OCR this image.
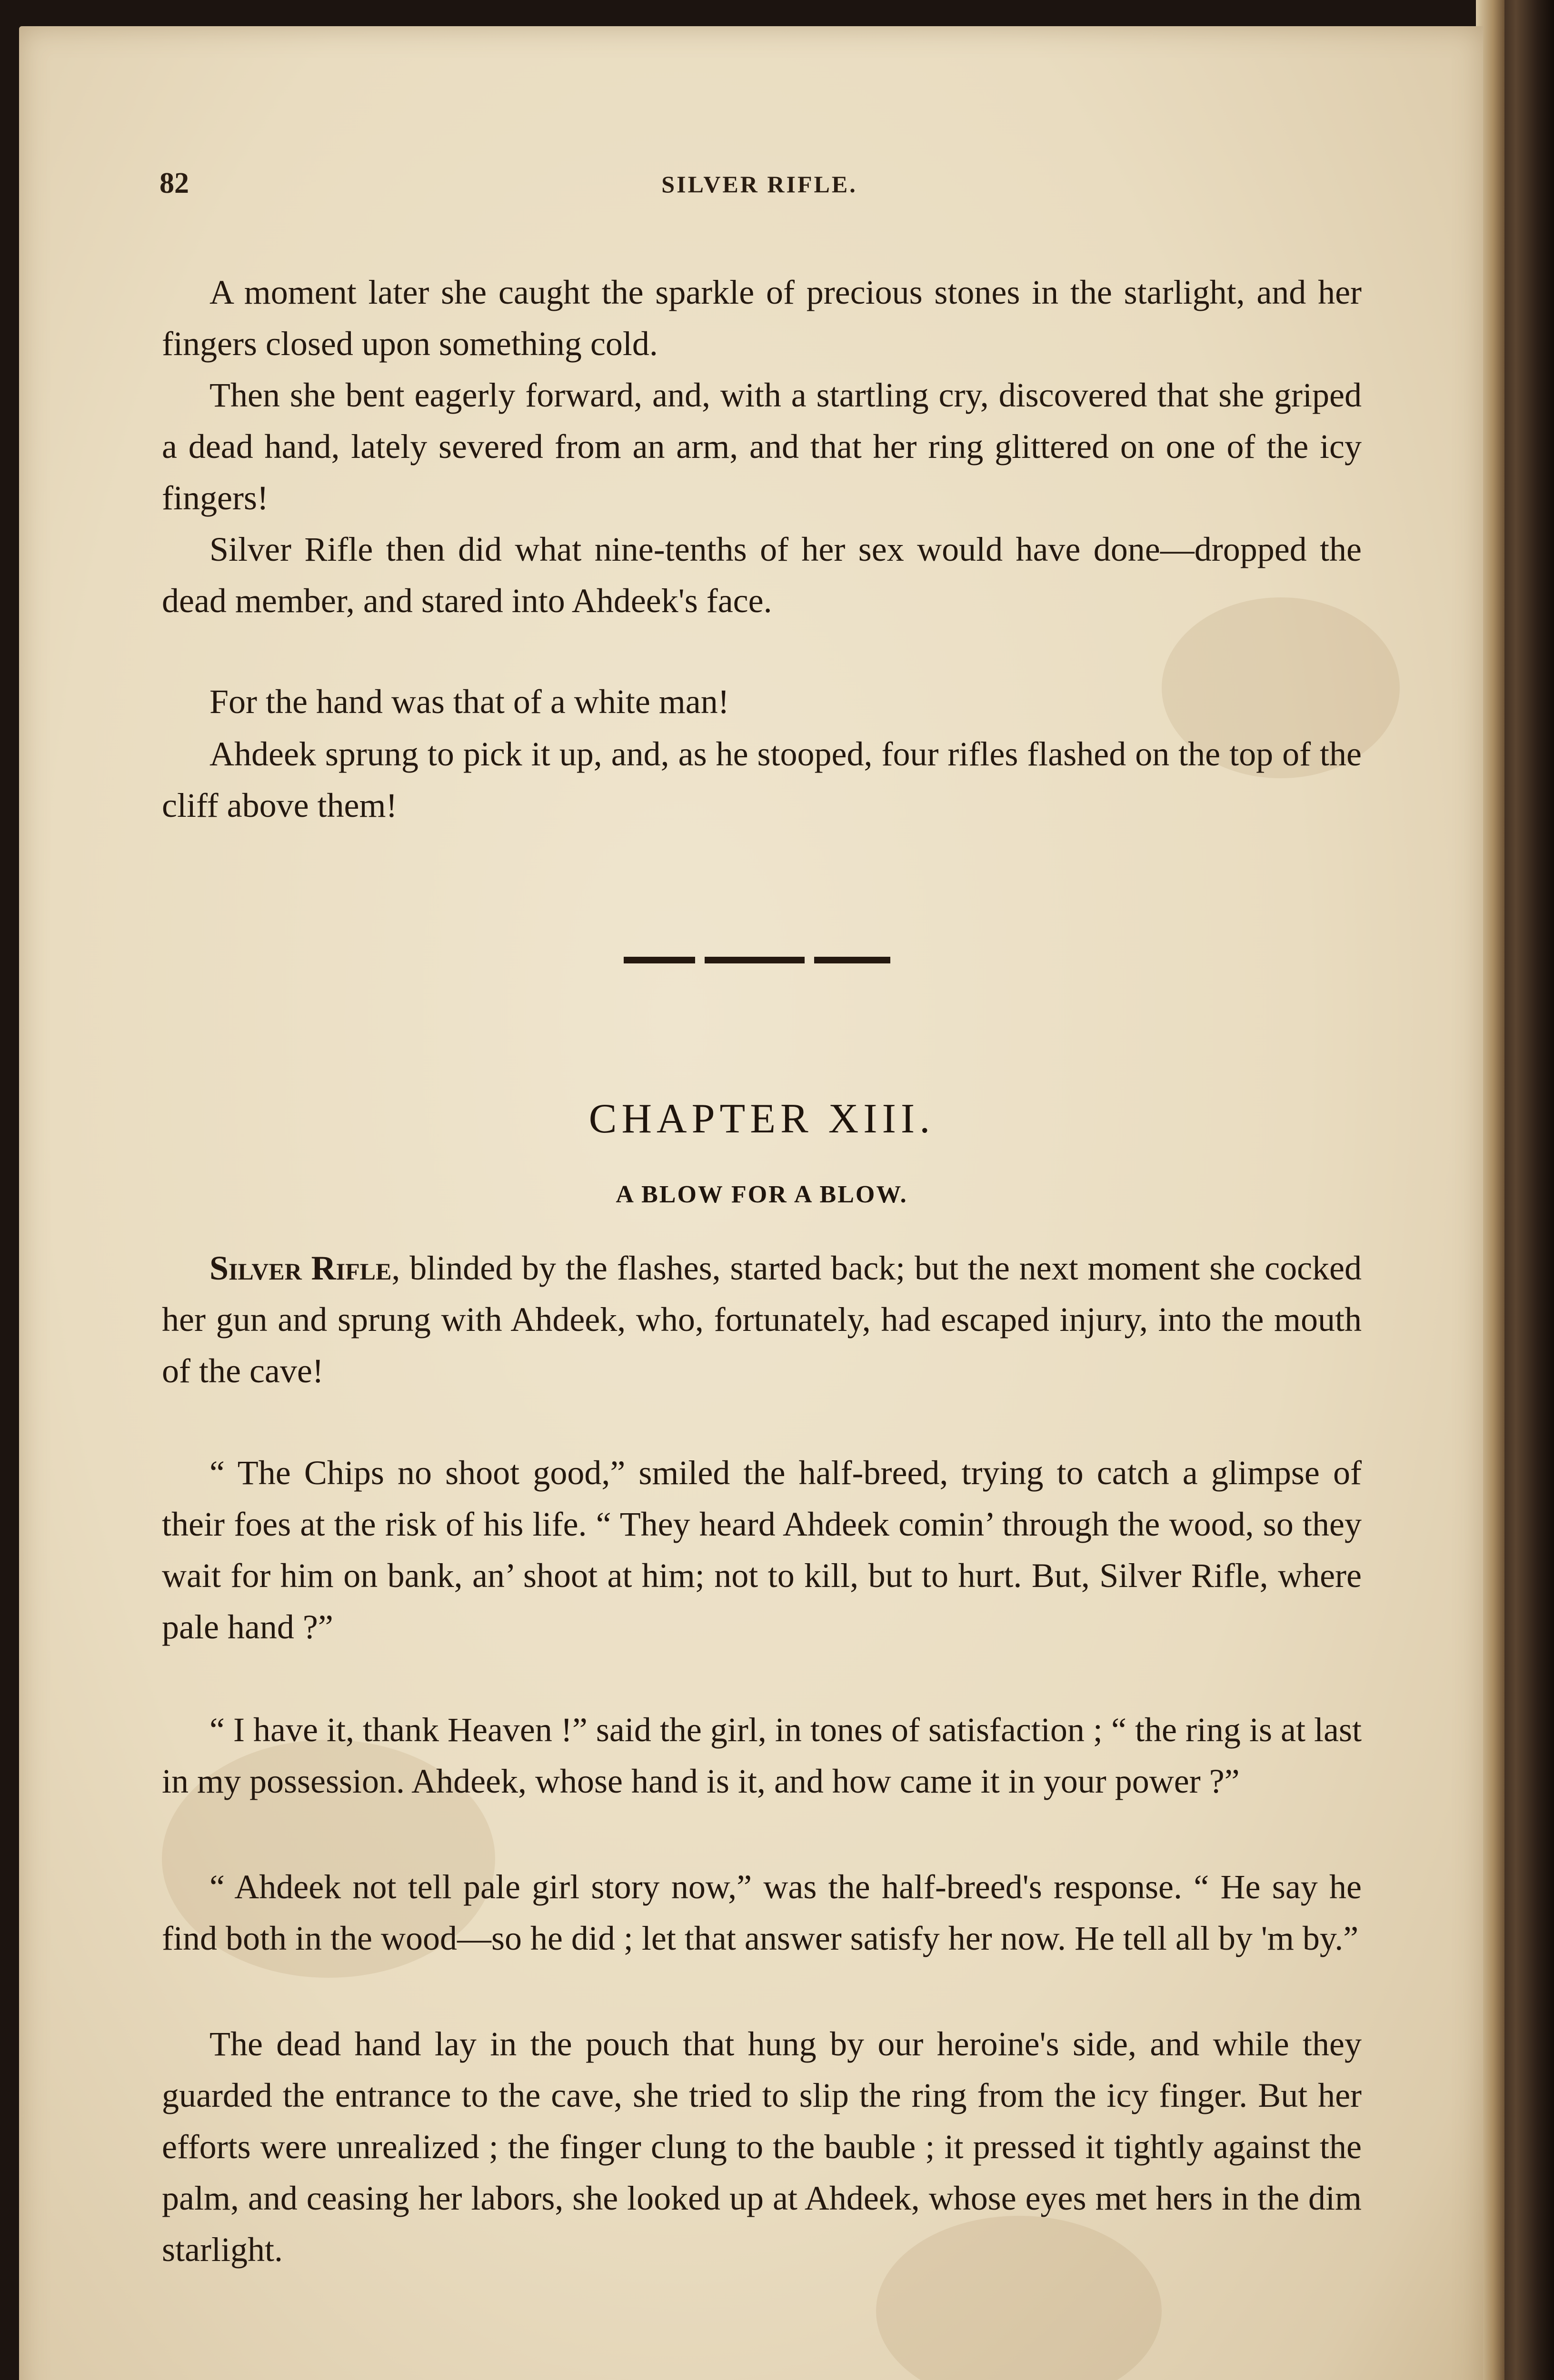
82	SILVER RIFLE.

A moment later she caught the sparkle of precious stones in the starlight, and her fingers closed upon something cold.

Then she bent eagerly forward, and, with a startling cry, discovered that she griped a dead hand, lately severed from an arm, and that her ring glittered on one of the icy fingers!

Silver Rifle then did what nine-tenths of her sex would have done—dropped the dead member, and stared into Ahdeek's face.

For the hand was that of a white man!

Ahdeek sprung to pick it up, and, as he stooped, four rifles flashed on the top of the cliff above them!

CHAPTER XIII.
A BLOW FOR A BLOW.

Silver Rifle, blinded by the flashes, started back; but the next moment she cocked her gun and sprung with Ahdeek, who, fortunately, had escaped injury, into the mouth of the cave!

“ The Chips no shoot good,” smiled the half-breed, trying to catch a glimpse of their foes at the risk of his life. “ They heard Ahdeek comin’ through the wood, so they wait for him on bank, an’ shoot at him; not to kill, but to hurt. But, Silver Rifle, where pale hand ?”

“ I have it, thank Heaven !” said the girl, in tones of satisfaction ; “ the ring is at last in my possession. Ahdeek, whose hand is it, and how came it in your power ?”

“ Ahdeek not tell pale girl story now,” was the half-breed's response. “ He say he find both in the wood—so he did ; let that answer satisfy her now. He tell all by 'm by.”

The dead hand lay in the pouch that hung by our heroine's side, and while they guarded the entrance to the cave, she tried to slip the ring from the icy finger. But her efforts were unrealized ; the finger clung to the bauble ; it pressed it tightly against the palm, and ceasing her labors, she looked up at Ahdeek, whose eyes met hers in the dim starlight.
